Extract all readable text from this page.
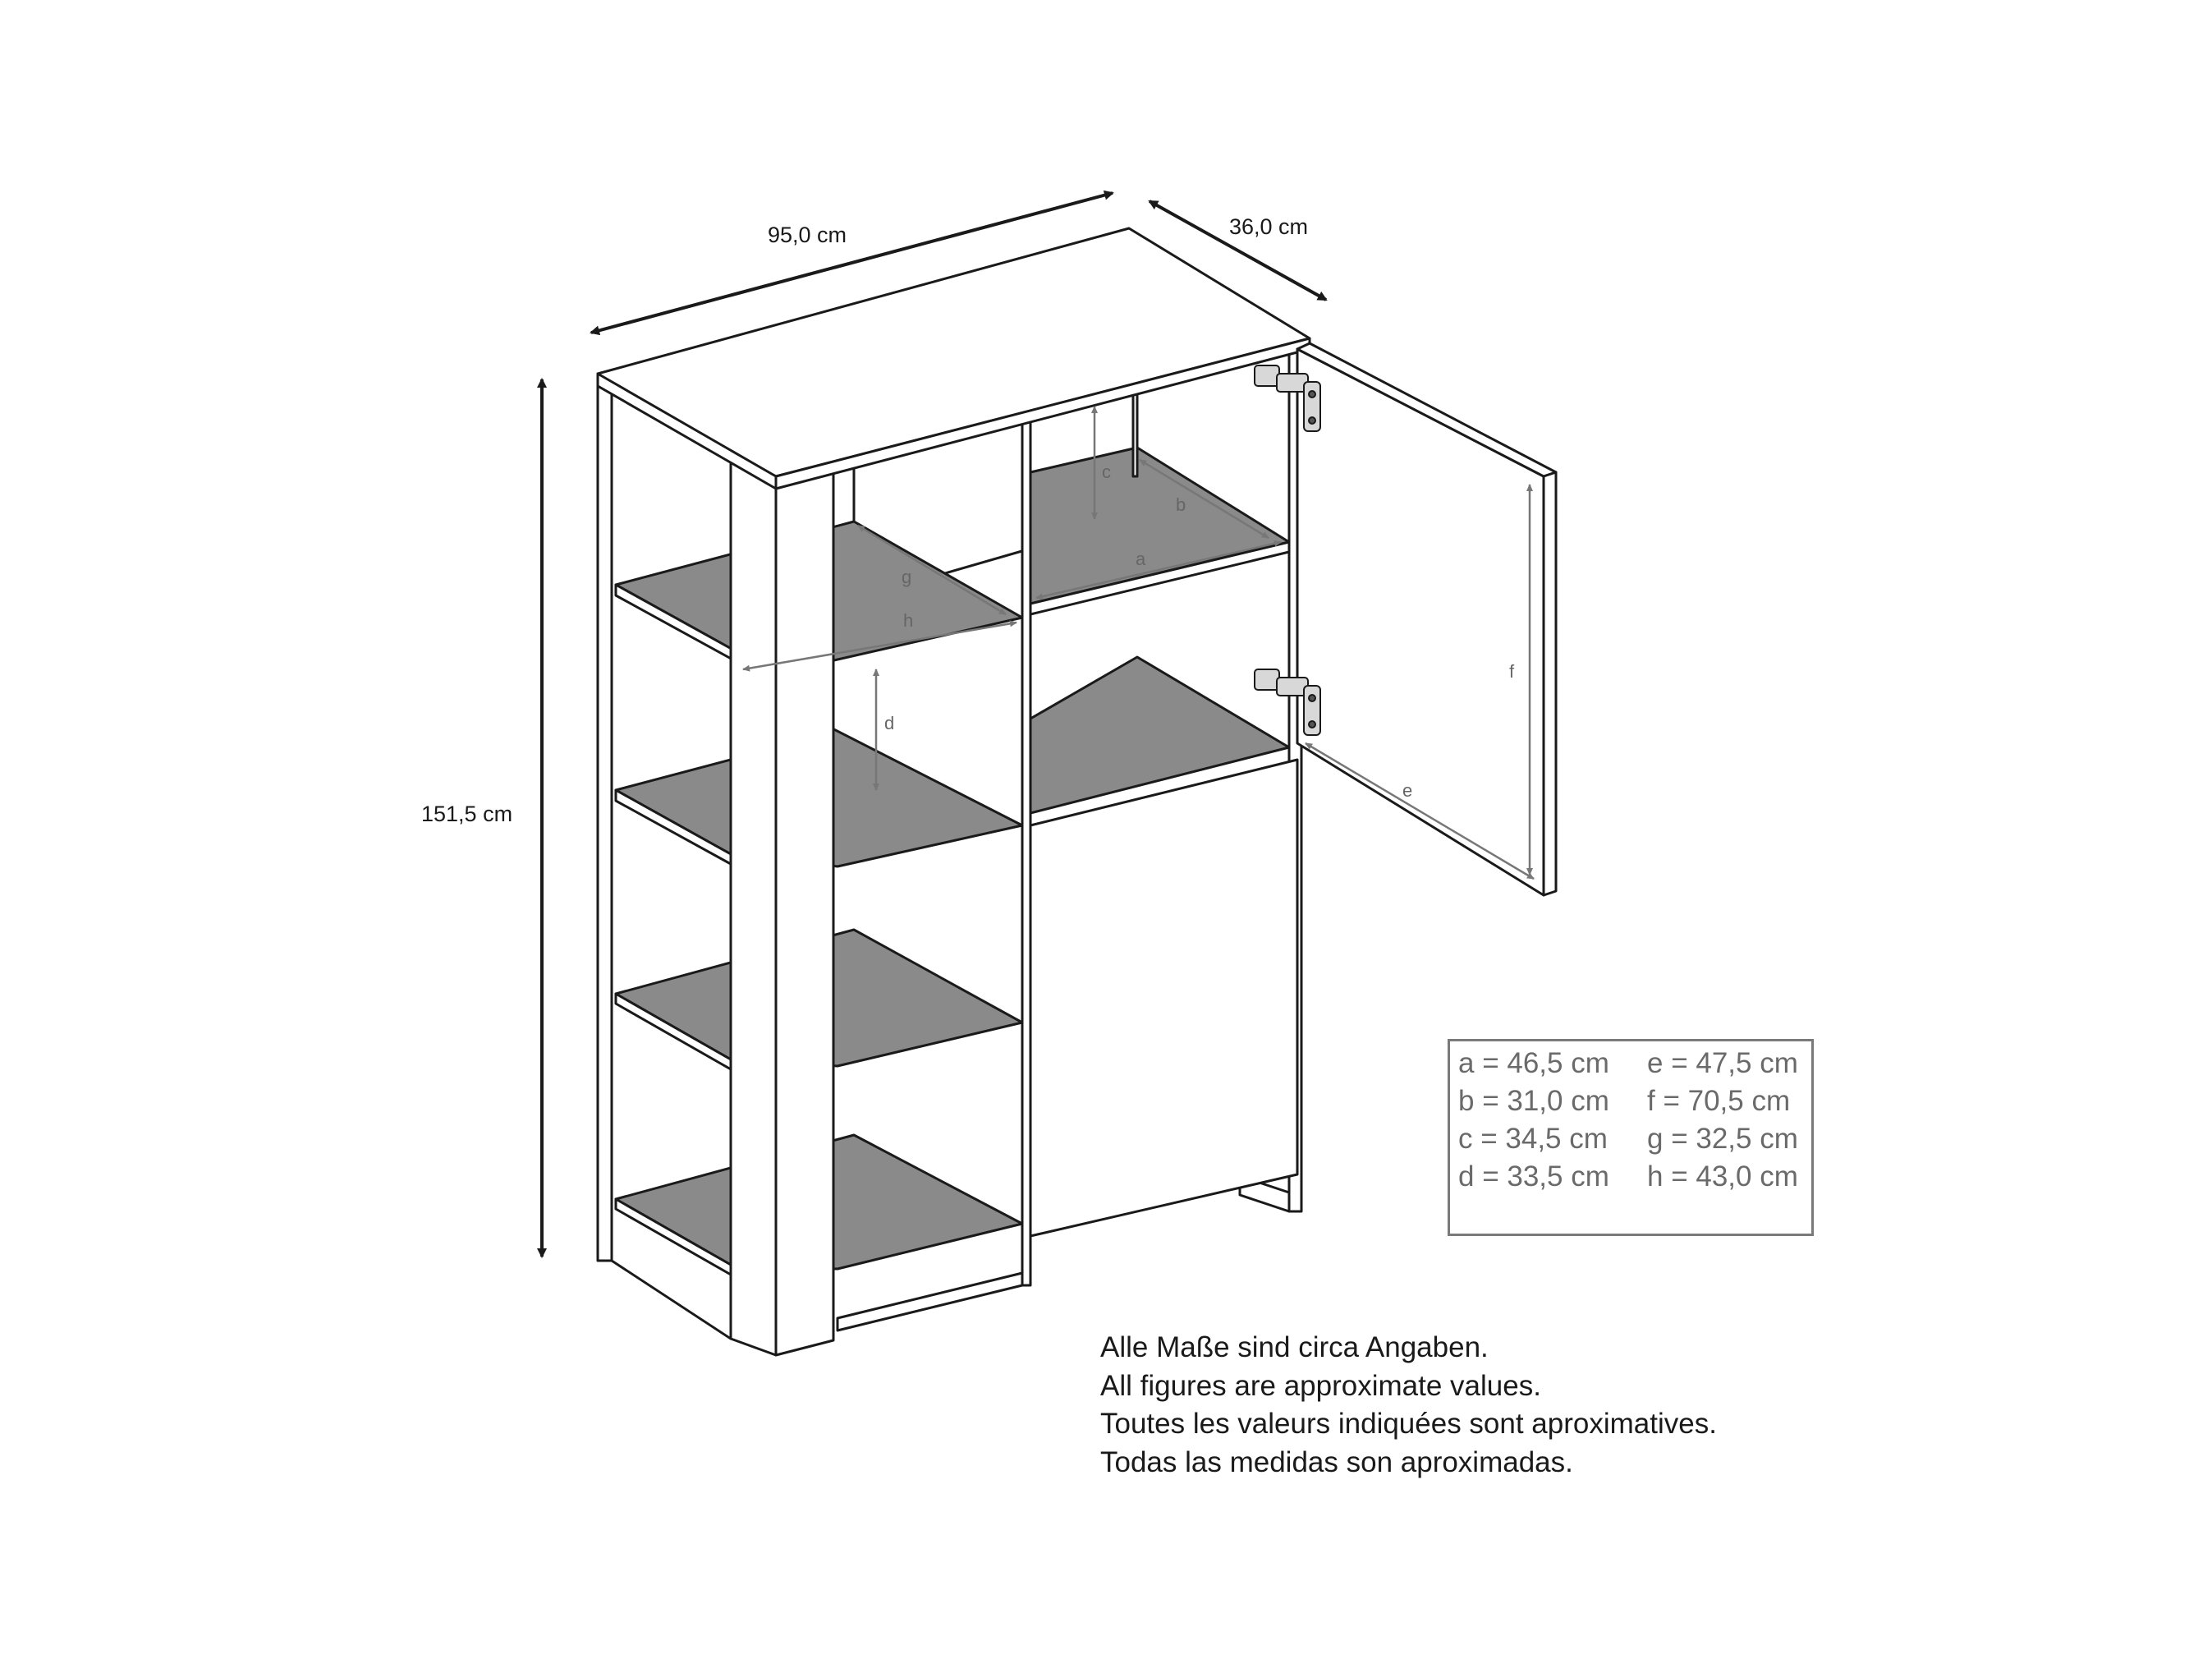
95,0 cm	36,0 cm
151,5 cm
a
b
c
d
e
f
g
h
a = 46,5 cm	e = 47,5 cm
b = 31,0 cm	f = 70,5 cm
c = 34,5 cm	g = 32,5 cm
d = 33,5 cm	h = 43,0 cm
Alle Maße sind circa Angaben.
All figures are approximate values.
Toutes les valeurs indiquées sont aproximatives.
Todas las medidas son aproximadas.
